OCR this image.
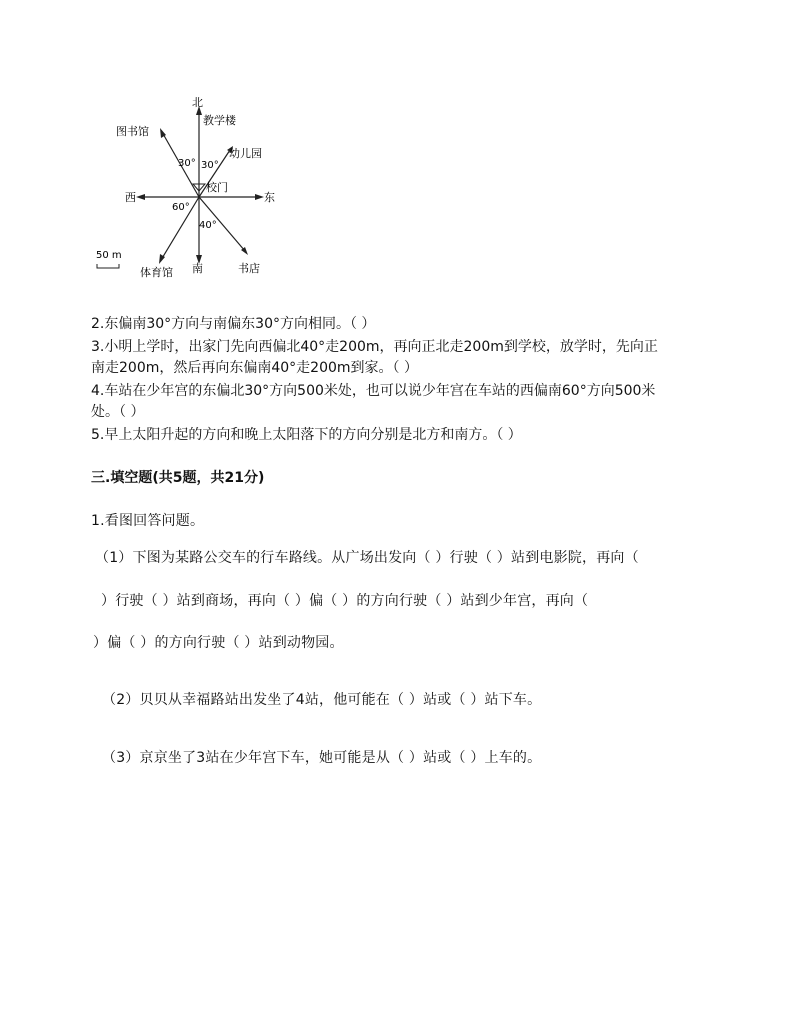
北
教学楼
图书馆
30° 30°
幼儿园
校门
东
西
60°
40°
50 m
体育馆 南	书店
2.东偏南30°方向与南偏东30°方向相同。（ ）
3.小明上学时，出家门先向西偏北40°走200m，再向正北走200m到学校，放学时，先向正
南走200m，然后再向东偏南40°走200m到家。（ ）
4.车站在少年宫的东偏北30°方向500米处，也可以说少年宫在车站的西偏南60°方向500米
处。（ ）
5.早上太阳升起的方向和晚上太阳落下的方向分别是北方和南方。（ ）
三.填空题(共5题，共21分)
1.看图回答问题。
（1）下图为某路公交车的行车路线。从广场出发向（ ）行驶（ ）站到电影院，再向（
）行驶（ ）站到商场，再向（ ）偏（ ）的方向行驶（ ）站到少年宫，再向（
）偏（ ）的方向行驶（ ）站到动物园。
（2）贝贝从幸福路站出发坐了4站，他可能在（ ）站或（ ）站下车。
（3）京京坐了3站在少年宫下车，她可能是从（ ）站或（ ）上车的。
